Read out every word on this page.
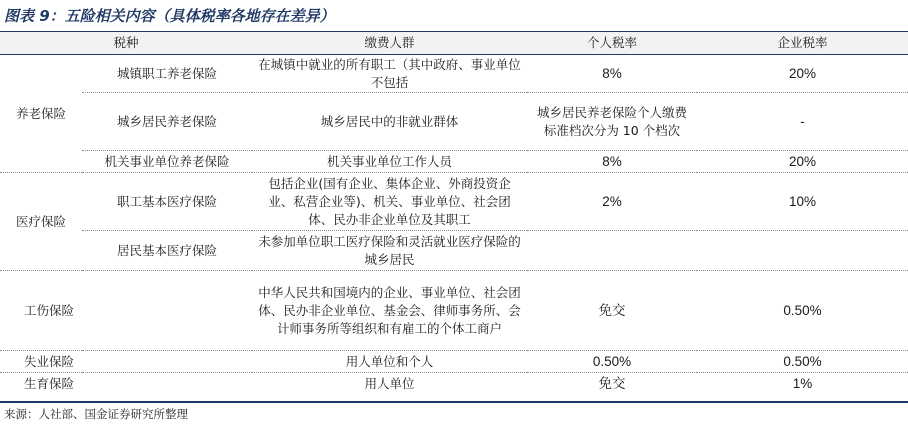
图表 9：五险相关内容（具体税率各地存在差异）
税种		缴费人群	个人税率	企业税率
养老保险	城镇职工养老保险	在城镇中就业的所有职工（其中政府、事业单位不包括	8%	20%
	城乡居民养老保险	城乡居民中的非就业群体	城乡居民养老保险个人缴费标准档次分为 10 个档次	-
	机关事业单位养老保险	机关事业单位工作人员	8%	20%
医疗保险	职工基本医疗保险	包括企业(国有企业、集体企业、外商投资企业、私营企业等)、机关、事业单位、社会团体、民办非企业单位及其职工	2%	10%
	居民基本医疗保险	未参加单位职工医疗保险和灵活就业医疗保险的城乡居民		
工伤保险		中华人民共和国境内的企业、事业单位、社会团体、民办非企业单位、基金会、律师事务所、会计师事务所等组织和有雇工的个体工商户	免交	0.50%
失业保险		用人单位和个人	0.50%	0.50%
生育保险		用人单位	免交	1%
来源：人社部、国金证券研究所整理
